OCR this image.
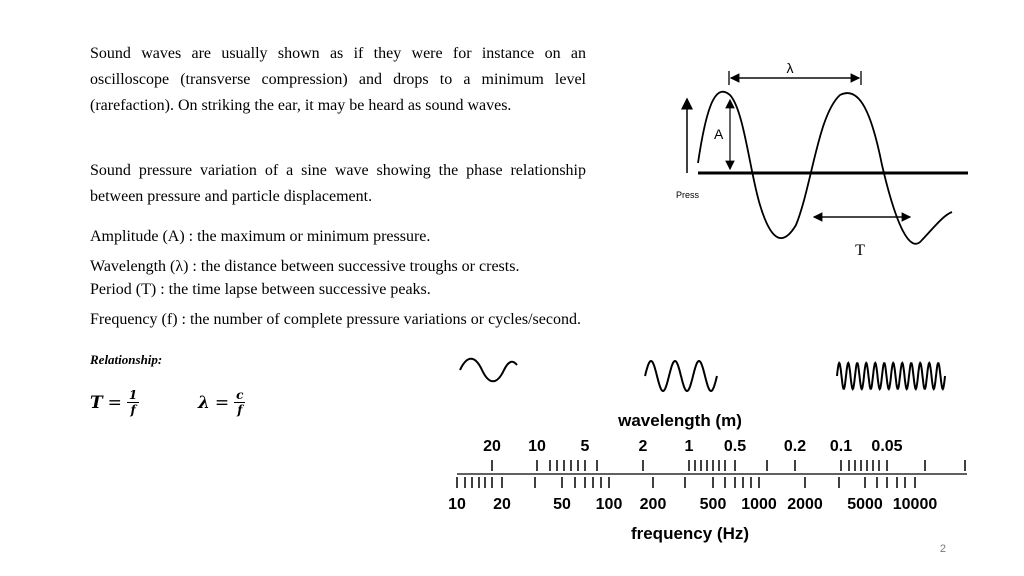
Sound waves are usually shown as if they were for instance on an oscilloscope (transverse compression) and drops to a minimum level (rarefaction). On striking the ear, it may be heard as sound waves.

Sound pressure variation of a sine wave showing the phase relationship between pressure and particle displacement.

Amplitude (A) : the maximum or minimum pressure.
Wavelength (λ) : the distance between successive troughs or crests.
Period (T) : the time lapse between successive peaks.
Frequency (f) : the number of complete pressure variations or cycles/second.
Relationship:
$T = \frac{1}{f}$	$\lambda = \frac{c}{f}$
λ
A
Press
T
wavelength (m)
20 10 5	2 1 0.5 0.2 0.1 0.05
10 20	50 100 200 500 1000 2000 5000 10000
frequency (Hz)
2
